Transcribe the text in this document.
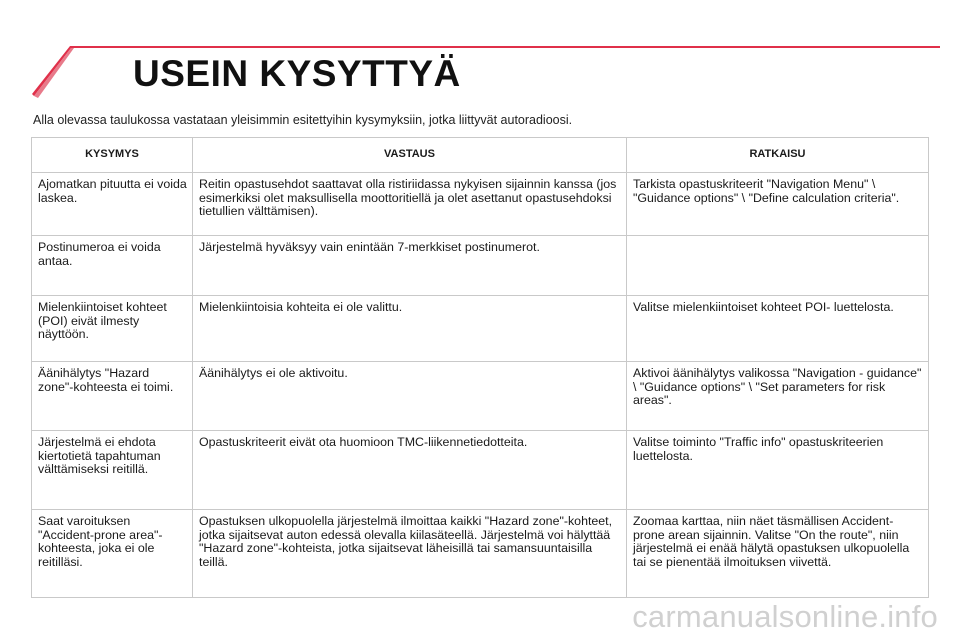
USEIN KYSYTTYÄ
Alla olevassa taulukossa vastataan yleisimmin esitettyihin kysymyksiin, jotka liittyvät autoradioosi.
KYSYMYS	VASTAUS	RATKAISU
Ajomatkan pituutta ei voida laskea.	Reitin opastusehdot saattavat olla ristiriidassa nykyisen sijainnin kanssa (jos esimerkiksi olet maksullisella moottoritiellä ja olet asettanut opastusehdoksi tietullien välttämisen).	Tarkista opastuskriteerit "Navigation Menu" \ "Guidance options" \ "Define calculation criteria".
Postinumeroa ei voida antaa.	Järjestelmä hyväksyy vain enintään 7-merkkiset postinumerot.	
Mielenkiintoiset kohteet (POI) eivät ilmesty näyttöön.	Mielenkiintoisia kohteita ei ole valittu.	Valitse mielenkiintoiset kohteet POI- luettelosta.
Äänihälytys "Hazard zone"-kohteesta ei toimi.	Äänihälytys ei ole aktivoitu.	Aktivoi äänihälytys valikossa "Navigation - guidance" \ "Guidance options" \ "Set parameters for risk areas".
Järjestelmä ei ehdota kiertotietä tapahtuman välttämiseksi reitillä.	Opastuskriteerit eivät ota huomioon TMC-liikennetiedotteita.	Valitse toiminto "Traffic info" opastuskriteerien luettelosta.
Saat varoituksen "Accident-prone area"-kohteesta, joka ei ole reitilläsi.	Opastuksen ulkopuolella järjestelmä ilmoittaa kaikki "Hazard zone"-kohteet, jotka sijaitsevat auton edessä olevalla kiilasäteellä. Järjestelmä voi hälyttää "Hazard zone"-kohteista, jotka sijaitsevat läheisillä tai samansuuntaisilla teillä.	Zoomaa karttaa, niin näet täsmällisen Accident-prone arean sijainnin. Valitse "On the route", niin järjestelmä ei enää hälytä opastuksen ulkopuolella tai se pienentää ilmoituksen viivettä.
carmanualsonline.info
